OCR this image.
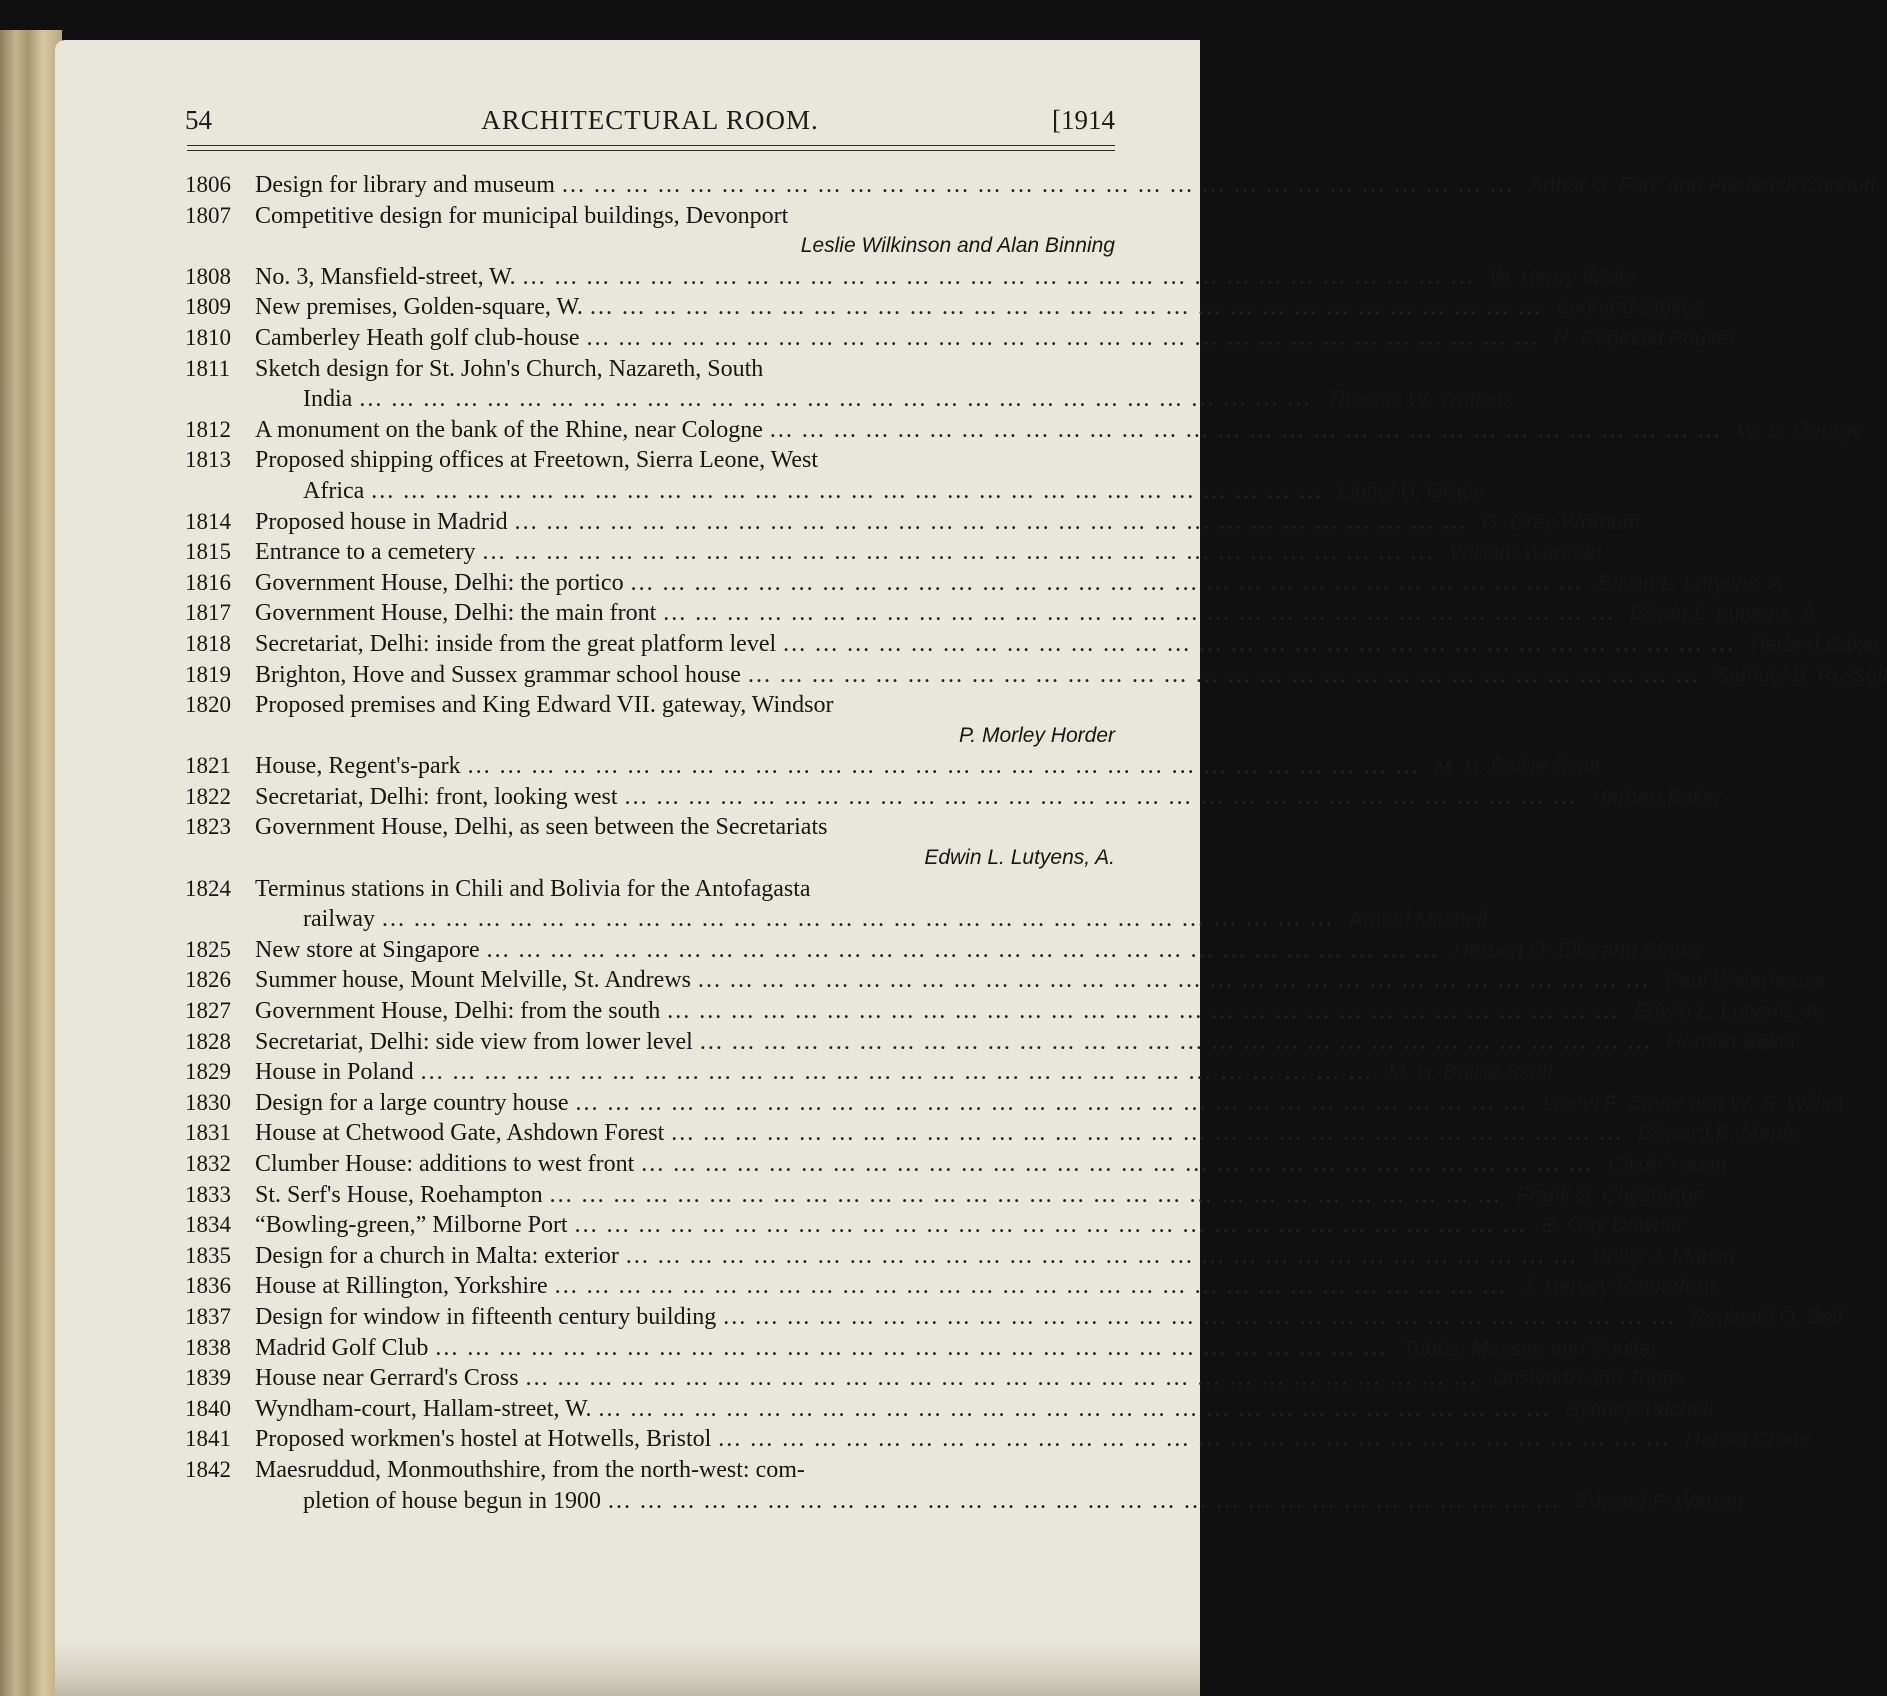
54	ARCHITECTURAL ROOM.	[1914
1806	Design for library and museum ………………………………………………………………………………	Arthur C. Fare and Frederick Cannon
1807	Competitive design for municipal buildings, Devonport
Leslie Wilkinson and Alan Binning
1808	No. 3, Mansfield-street, W. ………………………………………………………………………………	W. Henry White
1809	New premises, Golden-square, W. ………………………………………………………………………………	Leonard Stokes
1810	Camberley Heath golf club-house ………………………………………………………………………………	H. Reginald Poulter
1811	Sketch design for St. John's Church, Nazareth, South
India ………………………………………………………………………………	Thomas W. Watkins
1812	A monument on the bank of the Rhine, near Cologne ………………………………………………………………………………	W. S. George
1813	Proposed shipping offices at Freetown, Sierra Leone, West
Africa ………………………………………………………………………………	Lionel U. Grace
1814	Proposed house in Madrid ………………………………………………………………………………	G. Grey Wornum
1815	Entrance to a cemetery ………………………………………………………………………………	William Warman
1816	Government House, Delhi: the portico ………………………………………………………………………………	Edwin L. Lutyens, A.
1817	Government House, Delhi: the main front ………………………………………………………………………………	Edwin L. Lutyens, A.
1818	Secretariat, Delhi: inside from the great platform level ………………………………………………………………………………	Herbert Baker
1819	Brighton, Hove and Sussex grammar school house ………………………………………………………………………………	Samuel B. Russell
1820	Proposed premises and King Edward VII. gateway, Windsor
P. Morley Horder
1821	House, Regent's-park ………………………………………………………………………………	M. H. Baillie Scott
1822	Secretariat, Delhi: front, looking west ………………………………………………………………………………	Herbert Baker
1823	Government House, Delhi, as seen between the Secretariats
Edwin L. Lutyens, A.
1824	Terminus stations in Chili and Bolivia for the Antofagasta
railway ………………………………………………………………………………	Arnold Mitchell
1825	New store at Singapore ………………………………………………………………………………	Herbert O. Ellis and Clarke
1826	Summer house, Mount Melville, St. Andrews ………………………………………………………………………………	Paul Waterhouse
1827	Government House, Delhi: from the south ………………………………………………………………………………	Edwin L. Lutyens, A.
1828	Secretariat, Delhi: side view from lower level ………………………………………………………………………………	Herbert Baker
1829	House in Poland ………………………………………………………………………………	M. H. Baillie Scott
1830	Design for a large country house ………………………………………………………………………………	Lionel F. Crane and W. S. Willan
1831	House at Chetwood Gate, Ashdown Forest ………………………………………………………………………………	Edward B. Maufe
1832	Clumber House: additions to west front ………………………………………………………………………………	Clyde Young
1833	St. Serf's House, Roehampton ………………………………………………………………………………	Frank S. Chesterton
1834	“Bowling-green,” Milborne Port ………………………………………………………………………………	E. Guy Dawber
1835	Design for a church in Malta: exterior ………………………………………………………………………………	Philip J. Marvin
1836	House at Rillington, Yorkshire ………………………………………………………………………………	J. Hervey Rutherford
1837	Design for window in fifteenth century building ………………………………………………………………………………	Reginald O. Bell
1838	Madrid Golf Club ………………………………………………………………………………	Tubbs, Messer, and Poulter
1839	House near Gerrard's Cross ………………………………………………………………………………	Unsworth and Triggs
1840	Wyndham-court, Hallam-street, W. ………………………………………………………………………………	Sydney Tatchell
1841	Proposed workmen's hostel at Hotwells, Bristol ………………………………………………………………………………	Harold Crone
1842	Maesruddud, Monmouthshire, from the north-west: com-
pletion of house begun in 1900 ………………………………………………………………………………	Edward P. Warren
